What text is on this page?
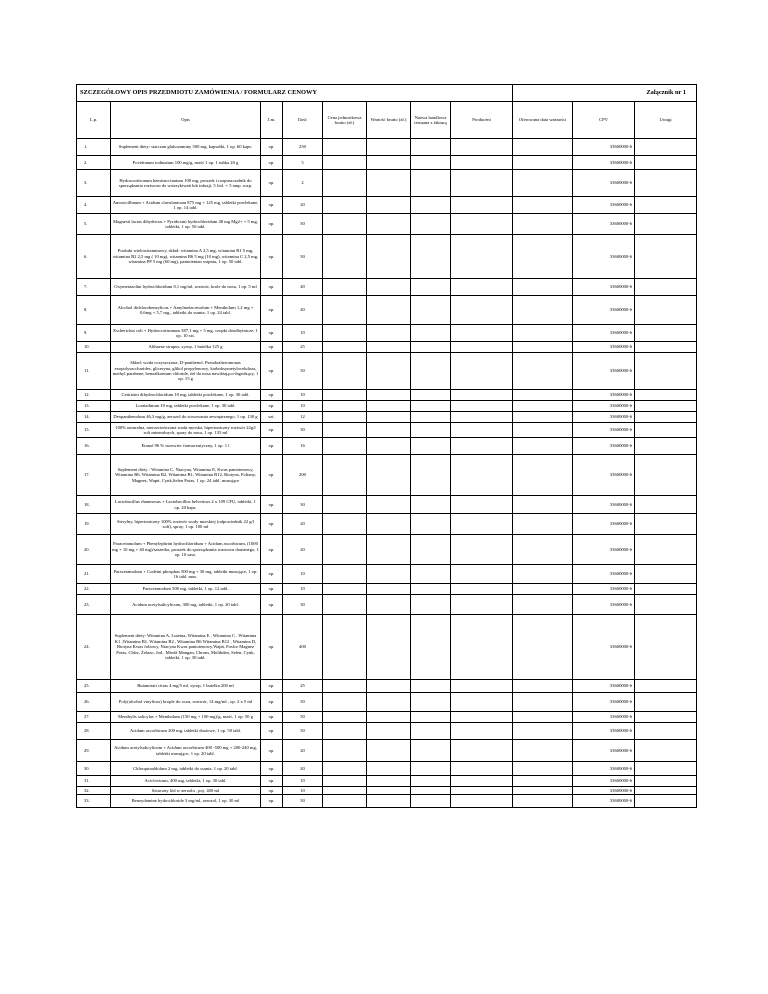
SZCZEGÓŁOWY OPIS PRZEDMIOTU ZAMÓWIENIA / FORMULARZ CENOWY								Załącznik nr 1		
L.p.	Opis	J.m.	Ilość	Cena jednostkowa brutto (zł.)	Wartość brutto (zł.)	Nazwa handlowa testuana z fakturą	Producent	Oferowana data ważności	CPV	Uwagi
1.	Suplement diety: siarczan glukozaminy 500 mg, kapsułki, 1 op. 60 kaps.	op.	250						33600000-6	
2.	Povidonum iodinatum 100 mg/g, maść 1 op. 1 tubka 20 g	op.	5						33600000-6	
3.	Hydrocortisonum hemisuccinatum 100 mg, proszek i rozpuszczalnik do sporządzania roztworu do wstrzykiwań lub infuzji, 5 fiol. + 5 amp. rozp.	op.	2						33600000-6	
4.	Amoxicillinum + Acidum clavulanicum 875 mg + 125 mg, tabletki powlekane, 1 op. 14 tabl.	op.	20						33600000-6	
5.	Magnesii lactas dihydricus + Pyridoxini hydrochloridum 48 mg Mg2+ + 5 mg, tabletki, 1 op. 50 tabl.	op.	50						33600000-6	
6.	Produkt wielowitaminowy, skład: witamina A 2,5 mg, witamian B1 5 mg, witamina B2 2,5 mg ( 10 mg), witamina B6 5 mg (10 mg), witamina C 2,5 mg, witamina PP 5 mg (60 mg), pantotenian wapnia, 1 op. 50 tabl.	op.	50						33600000-6	
7.	Oxymetazolini hydrochloridum 0,1 mg/ml, roztwór, krole do nosa, 1 op. 5 ml	op.	40						33600000-6	
8.	Alcohol dichlorobenzylicus + Amylmetacresolum + Mentholum 1,2 mg + 0,6mg + 5,7 mg., tabletki do ssania, 1 op. 24 tabl.	op.	40						33600000-6	
9.	Escherichia coli + Hydrocortisonum 387,1 mg + 5 mg, czopki doodbytnicze, 1 op. 10 szt.	op.	10						33600000-6	
10.	Althaeae sirupus, syrop, 1 butelka 125 g	op.	25						33600000-6	
11.	Skład: woda oczyszczona, D-panthenol, Pseudoalteromonas exopolysaccharides, gliceryna, glikol propylenowy, karboksymetyloceluloza, methyl parabene, benzalkonium chloride, żel do nosa nawilżająco-łagodzący, 1 op. 15 g	op.	50						33600000-6	
12.	Cetirizini dihydrochloridum 10 mg, tabletki powlekane, 1 op. 30 tabl.	op.	10						33600000-6	
13.	Loratadinum 10 mg, tabletki powlekane, 1 op. 30 tabl.	op.	10						33600000-6	
14.	Dexpanthenolum 46,3 mg/g, aerozol do stosowania zewnętrznego, 1 op. 130 g	szt.	12						33600000-6	
15.	100% naturalna, nierozcieńczona woda morska, hipertoniczny roztwór 22g/l soli mineralnych, spray do nosa, 1 op. 135 ml	op.	30						33600000-6	
16.	Etanol 96 % surowiec farmaceutyczny, 1 op. 1 l	op.	16						33600000-6	
17.	Suplement diety : Witamina C, Niacyna, Witamina E, Kwas pantotenowy, Witamina B6, Witamina B2, Witamina B1, Witamina B12, Biotyna, Foliany, Magnez, Wapń, Cynk,Selen Potas, 1 op. 24 tabl. musujące	op.	200						33600000-6	
18.	Lactobacillus rhamnosus + Lactobacillus helveticus 2 x 109 CFU, tabletki, 1 op. 20 kaps.	op.	30						33600000-6	
19.	Sterylny, hipertoniczny 100% roztwór wody morskiej (odpowiednik 22 g/l soli), spray, 1 op. 100 ml	op.	20						33600000-6	
20.	Paracetamolum + Phenylephrini hydrochloridum + Acidum ascorbicum, (1000 mg + 10 mg + 40 mg)/saszetka, proszek do sporządzania roztworu doustnego, 1 op. 10 sasz.	op.	20						33600000-6	
21.	Paracetamolum + Codeini phosphas 500 mg + 30 mg, tabletki musujące, 1 op. 16 tabl. mus.	op.	10						33600000-6	
22.	Paracetamolum 500 mg, tabletki, 1 op. 12 tabl.	op.	10						33600000-6	
23.	Acidum acetylsalicylicum, 300 mg, tabletki, 1 op. 20 tabl.	op.	30						33600000-6	
24.	Suplement diety: Witamina A, Luteina, Witamina E , Witamina C , Witamina K1 ,Witamina B1, Witamina B2 , Witamina B6 Witamina B12 , Witamina D, Biotyna Kwas foliowy, Niacyna Kwas pantotenowy,Wapń, Fosfor Magnez Potas, Chlor, Żelazo, Jod , Miedź Mangan, Chrom, Molibden, Selen, Cynk, tabletki, 1 op. 30 tabl.	op.	400						33600000-6	
25.	Butamirati citras 4 mg/5 ml, syrop, 1 butelka 200 ml	op.	25						33600000-6	
26.	Poly(alcohol vinylicus) krople do oczu, roztwór, 14 mg/ml , op. 2 x 5 ml	op.	50						33600000-6	
27.	Menthylis salicylas + Mentholum (150 mg + 100 mg)/g, maść, 1 op. 50 g	op.	50						33600000-6	
28.	Acidum ascorbicum 200 mg, tabletki drażowe, 1 op. 50 tabl.	op.	50						33600000-6	
29.	Acidum acetylsalicylicum + Acidum ascorbicum 400 -500 mg + 200-240 mg, tabletki musujące, 1 op. 20 tabl.	op.	20						33600000-6	
30.	Chlorquinaldolum 2 mg, tabletki do ssania, 1 op. 20 tabl.	op.	20						33600000-6	
31.	Aciclovirum, 400 mg, tabletki, 1 op. 30 tabl.	op.	10						33600000-6	
32.	Sztuczny lód w aerozlu , poj. 400 ml	op.	10						33600000-6	
33.	Benzydamine hydrochloride 3 mg/ml, aerozol, 1 op. 30 ml	op.	50						33600000-6	
